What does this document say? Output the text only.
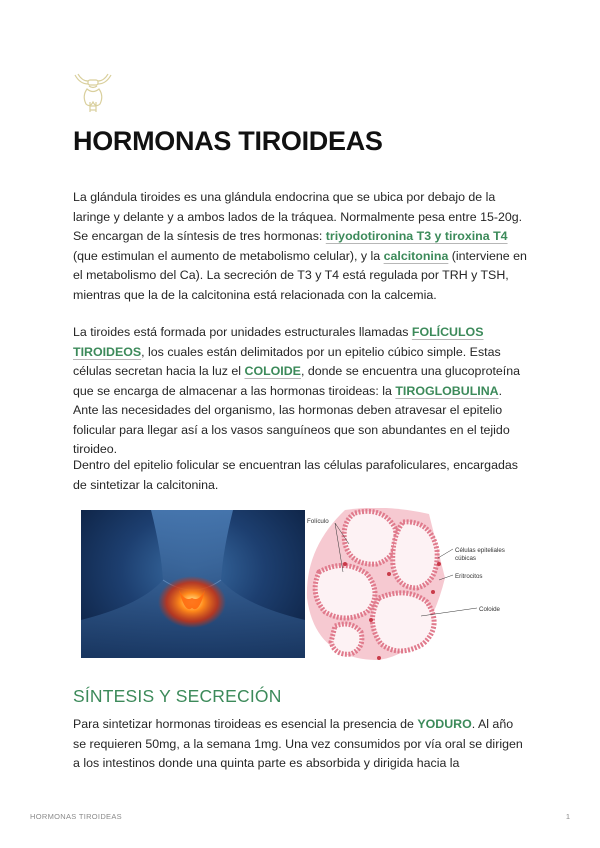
HORMONAS TIROIDEAS

La glándula tiroides es una glándula endocrina que se ubica por debajo de la laringe y delante y a ambos lados de la tráquea. Normalmente pesa entre 15-20g. Se encargan de la síntesis de tres hormonas: triyodotironina T3 y tiroxina T4 (que estimulan el aumento de metabolismo celular), y la calcitonina (interviene en el metabolismo del Ca). La secreción de T3 y T4 está regulada por TRH y TSH, mientras que la de la calcitonina está relacionada con la calcemia.

La tiroides está formada por unidades estructurales llamadas FOLÍCULOS TIROIDEOS, los cuales están delimitados por un epitelio cúbico simple. Estas células secretan hacia la luz el COLOIDE, donde se encuentra una glucoproteína que se encarga de almacenar a las hormonas tiroideas: la TIROGLOBULINA. Ante las necesidades del organismo, las hormonas deben atravesar el epitelio folicular para llegar así a los vasos sanguíneos que son abundantes en el tejido tiroideo.

Dentro del epitelio folicular se encuentran las células parafoliculares, encargadas de sintetizar la calcitonina.

Folículo
Células epiteliales
cúbicas
Eritrocitos
Coloide
SÍNTESIS Y SECRECIÓN

Para sintetizar hormonas tiroideas es esencial la presencia de YODURO. Al año se requieren 50mg, a la semana 1mg. Una vez consumidos por vía oral se dirigen a los intestinos donde una quinta parte es absorbida y dirigida hacia la

HORMONAS TIROIDEAS	1
